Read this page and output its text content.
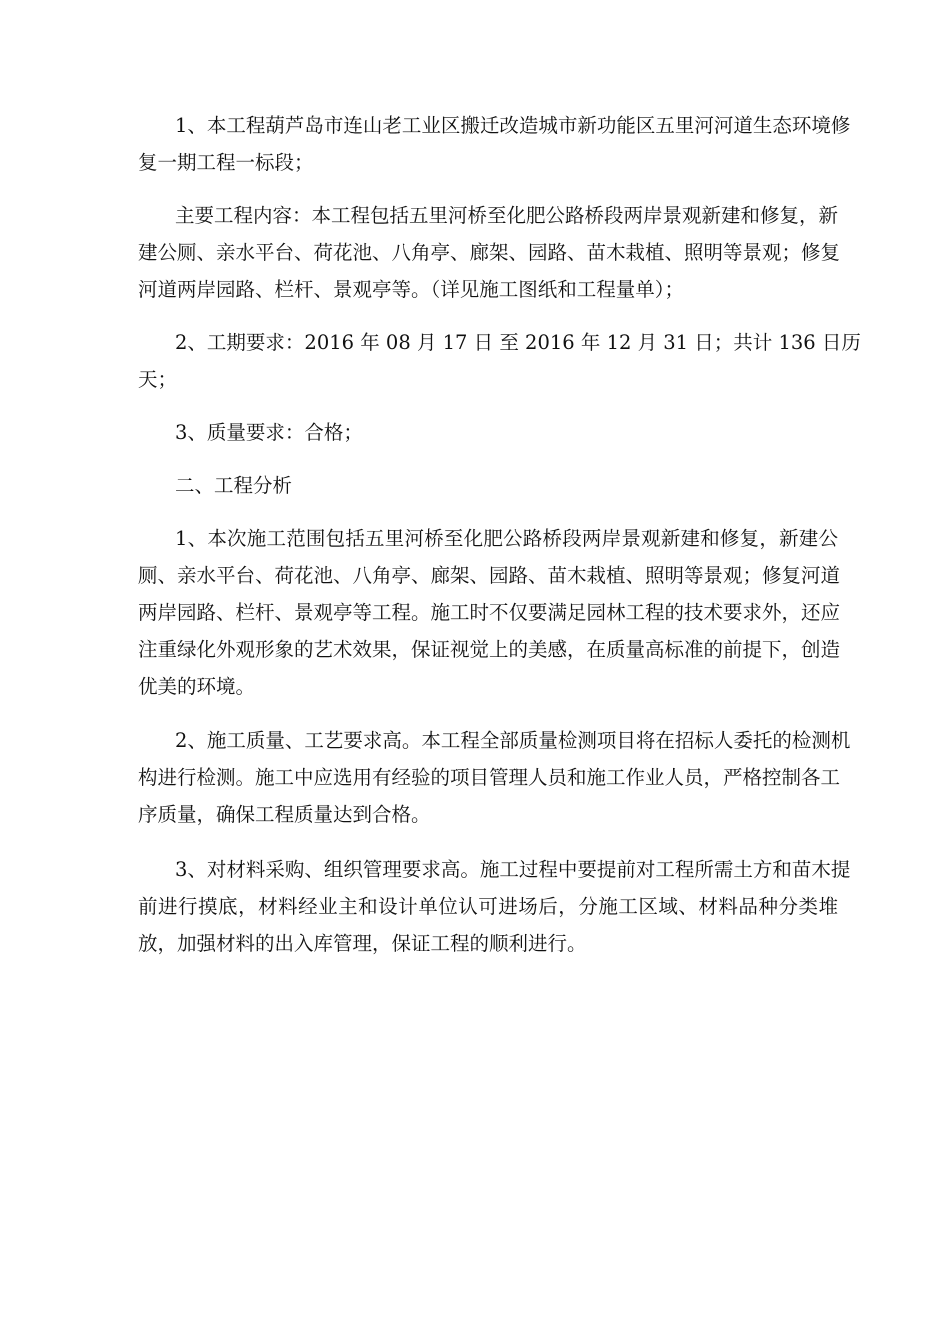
1、本工程葫芦岛市连山老工业区搬迁改造城市新功能区五里河河道生态环境修
复一期工程一标段；

主要工程内容：本工程包括五里河桥至化肥公路桥段两岸景观新建和修复，新
建公厕、亲水平台、荷花池、八角亭、廊架、园路、苗木栽植、照明等景观；修复
河道两岸园路、栏杆、景观亭等。（详见施工图纸和工程量单）；

2、工期要求：2016 年 08 月 17 日 至 2016 年 12 月 31 日；共计 136 日历
天；

3、质量要求：合格；

二、工程分析

1、本次施工范围包括五里河桥至化肥公路桥段两岸景观新建和修复，新建公
厕、亲水平台、荷花池、八角亭、廊架、园路、苗木栽植、照明等景观；修复河道
两岸园路、栏杆、景观亭等工程。施工时不仅要满足园林工程的技术要求外，还应
注重绿化外观形象的艺术效果，保证视觉上的美感，在质量高标准的前提下，创造
优美的环境。

2、施工质量、工艺要求高。本工程全部质量检测项目将在招标人委托的检测机
构进行检测。施工中应选用有经验的项目管理人员和施工作业人员，严格控制各工
序质量，确保工程质量达到合格。

3、对材料采购、组织管理要求高。施工过程中要提前对工程所需土方和苗木提
前进行摸底，材料经业主和设计单位认可进场后，分施工区域、材料品种分类堆
放，加强材料的出入库管理，保证工程的顺利进行。
